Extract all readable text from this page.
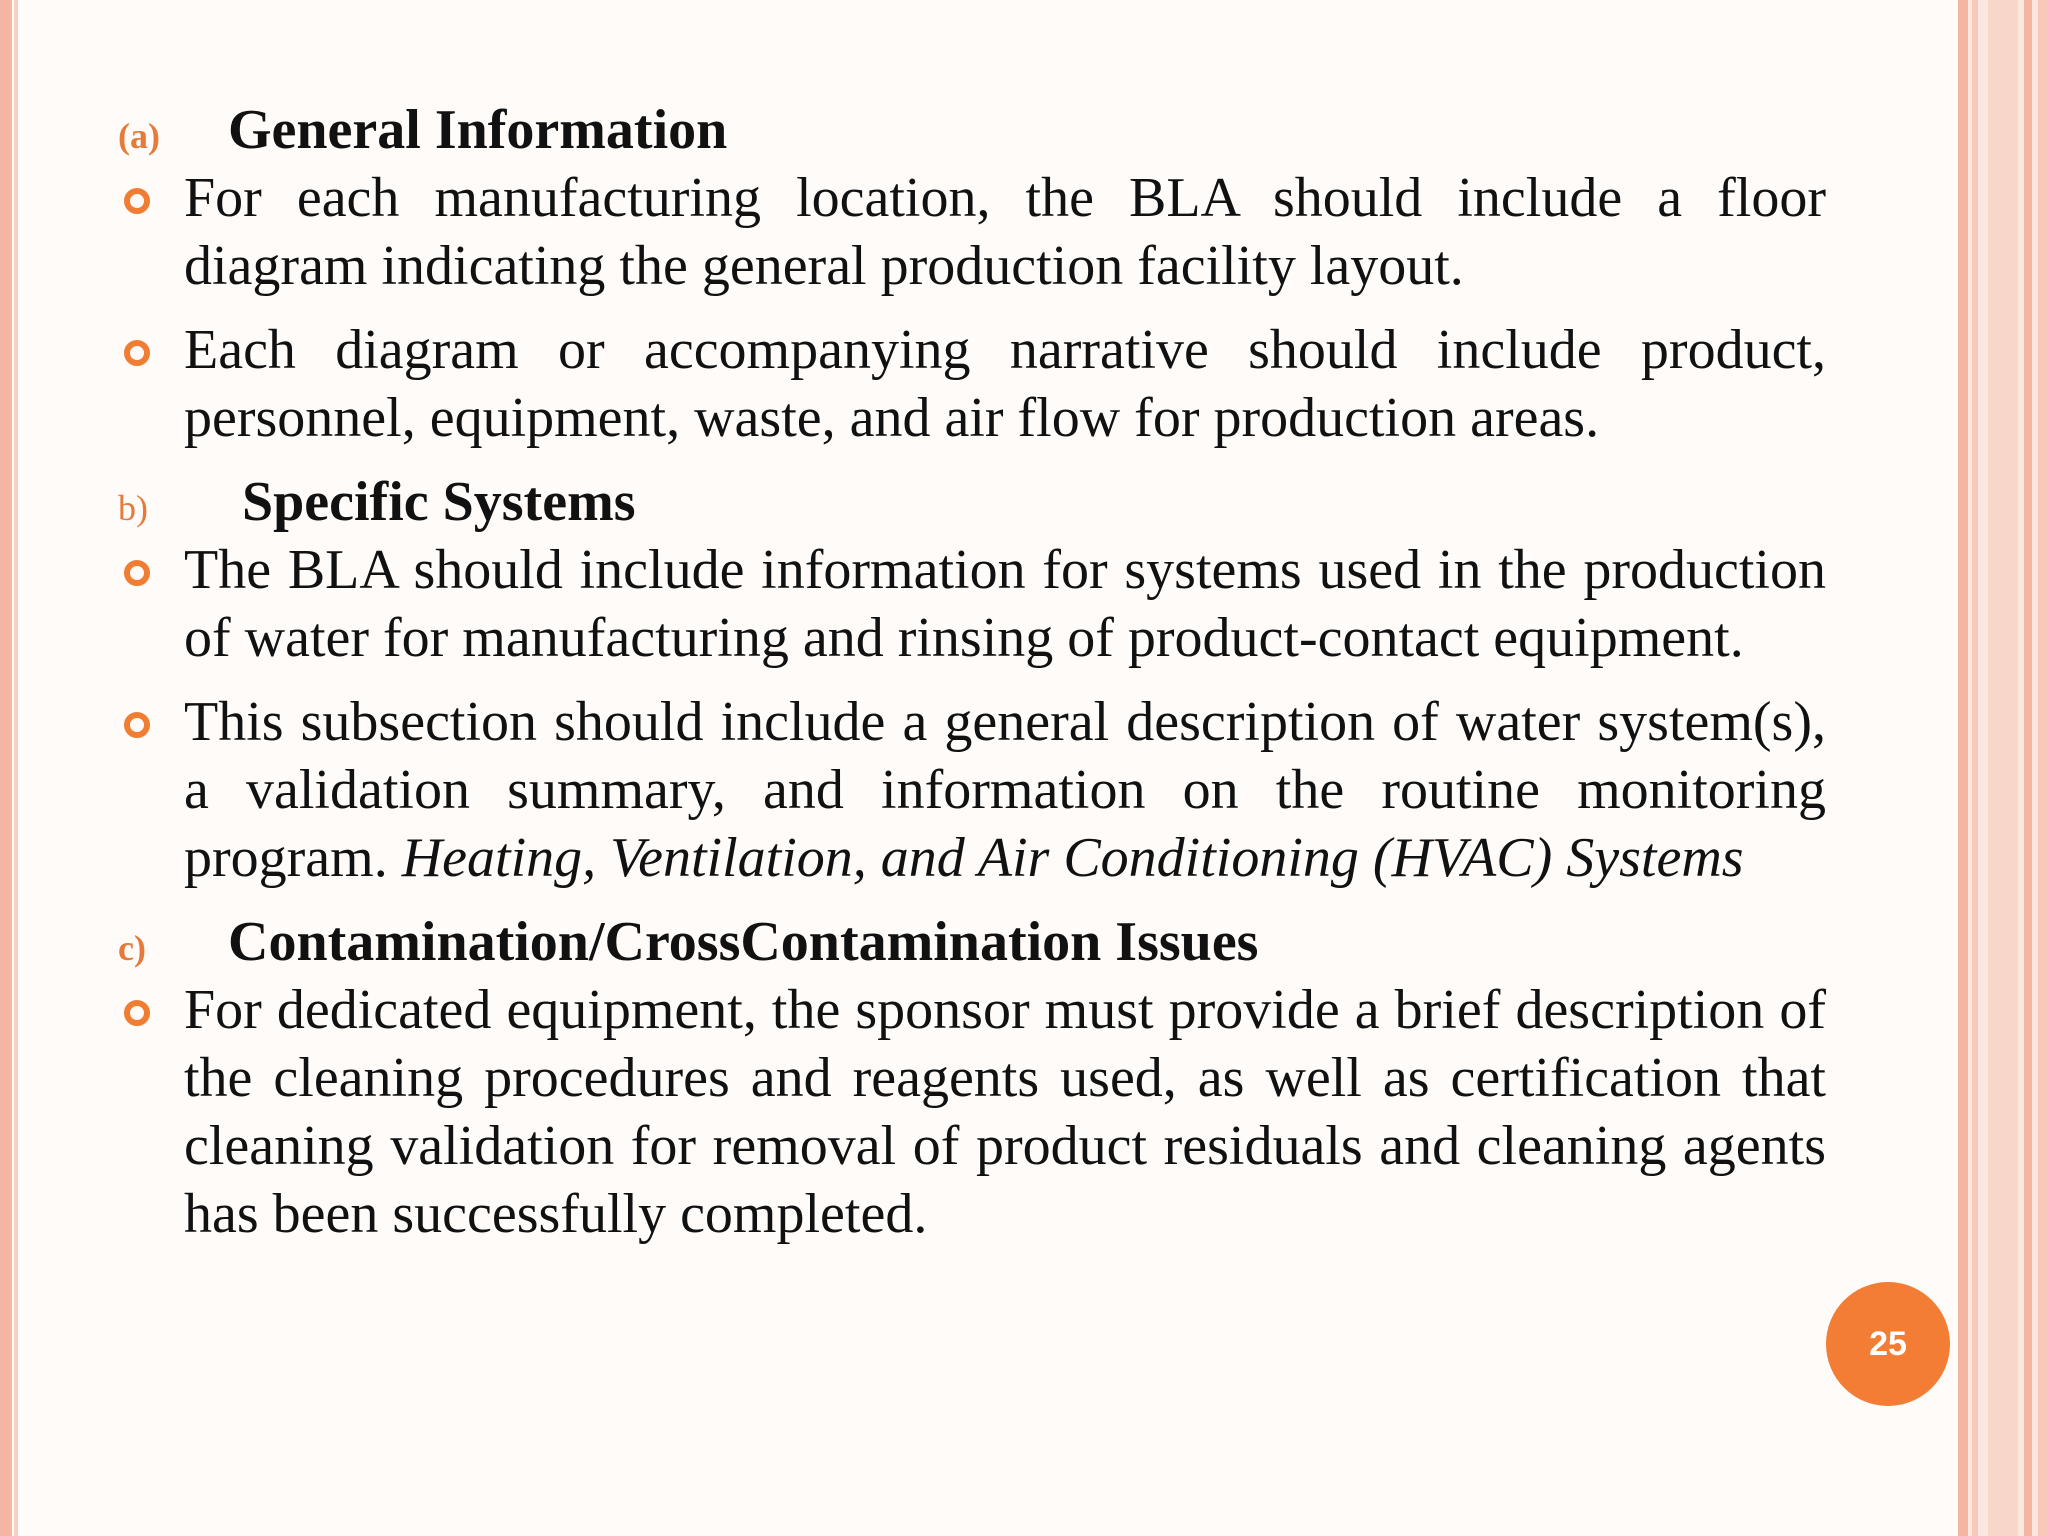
(a)	General Information
For each manufacturing location, the BLA should include a floor diagram indicating the general production facility layout.
Each diagram or accompanying narrative should include product, personnel, equipment, waste, and air flow for production areas.
b)	Specific Systems
The BLA should include information for systems used in the production of water for manufacturing and rinsing of product-contact equipment.
This subsection should include a general description of water system(s), a validation summary, and information on the routine monitoring program. Heating, Ventilation, and Air Conditioning (HVAC) Systems
c)	Contamination/CrossContamination Issues
For dedicated equipment, the sponsor must provide a brief description of the cleaning procedures and reagents used, as well as certification that cleaning validation for removal of product residuals and cleaning agents has been successfully completed.
25
